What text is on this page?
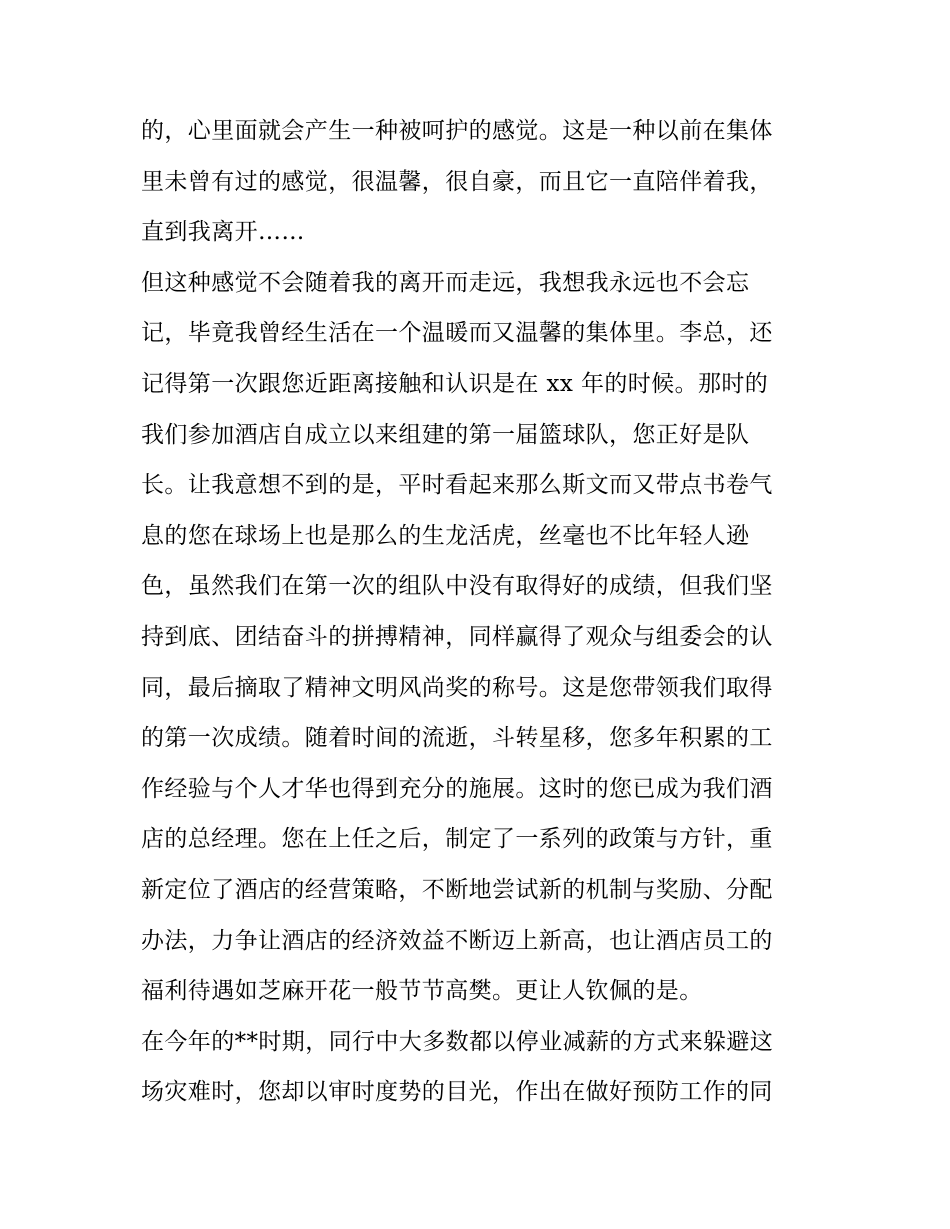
的，心里面就会产生一种被呵护的感觉。这是一种以前在集体
里未曾有过的感觉，很温馨，很自豪，而且它一直陪伴着我，
直到我离开……
但这种感觉不会随着我的离开而走远，我想我永远也不会忘
记，毕竟我曾经生活在一个温暖而又温馨的集体里。李总，还
记得第一次跟您近距离接触和认识是在 xx 年的时候。那时的
我们参加酒店自成立以来组建的第一届篮球队，您正好是队
长。让我意想不到的是，平时看起来那么斯文而又带点书卷气
息的您在球场上也是那么的生龙活虎，丝毫也不比年轻人逊
色，虽然我们在第一次的组队中没有取得好的成绩，但我们坚
持到底、团结奋斗的拼搏精神，同样赢得了观众与组委会的认
同，最后摘取了精神文明风尚奖的称号。这是您带领我们取得
的第一次成绩。随着时间的流逝，斗转星移，您多年积累的工
作经验与个人才华也得到充分的施展。这时的您已成为我们酒
店的总经理。您在上任之后，制定了一系列的政策与方针，重
新定位了酒店的经营策略，不断地尝试新的机制与奖励、分配
办法，力争让酒店的经济效益不断迈上新高，也让酒店员工的
福利待遇如芝麻开花一般节节高樊。更让人钦佩的是。
在今年的**时期，同行中大多数都以停业减薪的方式来躲避这
场灾难时，您却以审时度势的目光，作出在做好预防工作的同
